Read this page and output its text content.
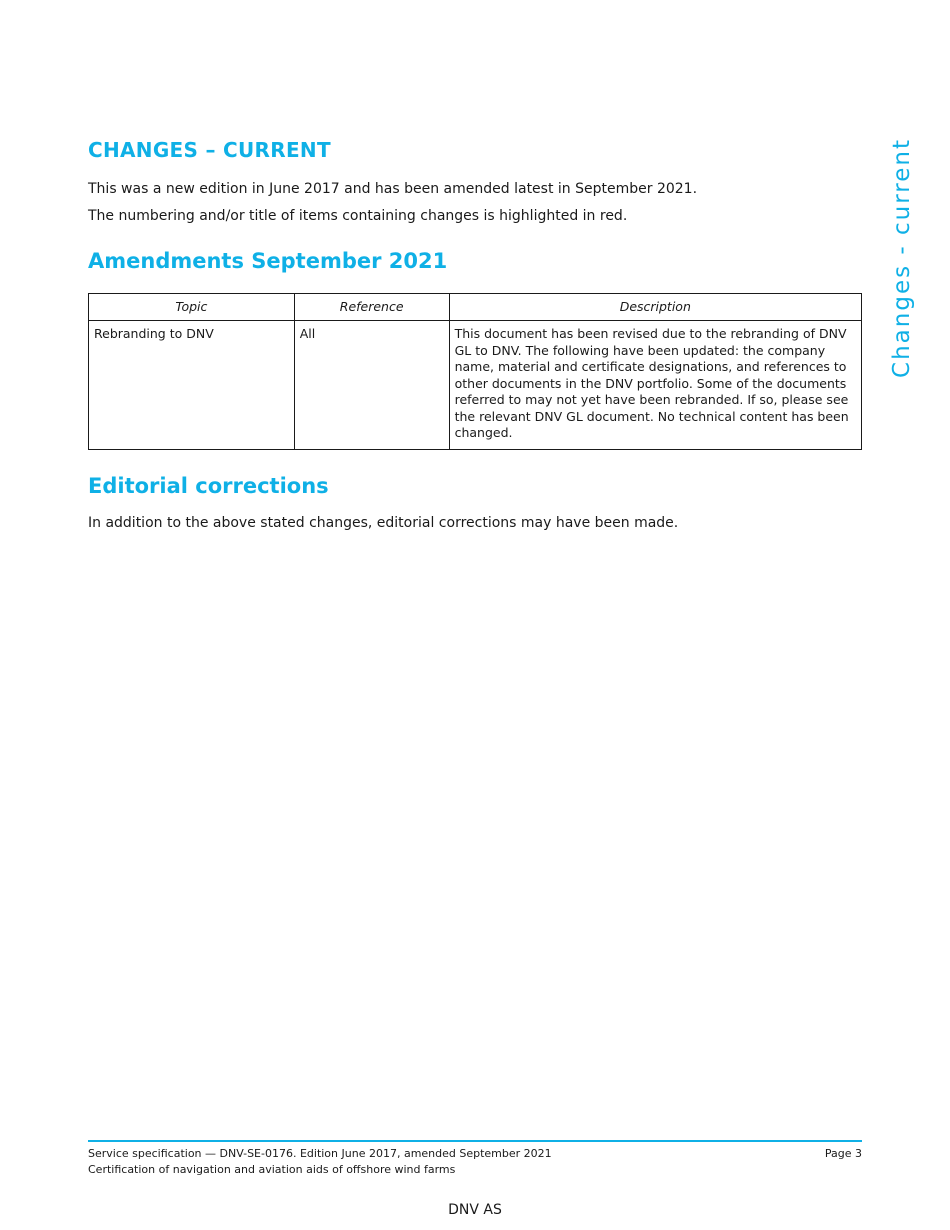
CHANGES – CURRENT

This was a new edition in June 2017 and has been amended latest in September 2021.

The numbering and/or title of items containing changes is highlighted in red.

Amendments September 2021
Topic	Reference	Description
Rebranding to DNV	All	This document has been revised due to the rebranding of DNV GL to DNV. The following have been updated: the company name, material and certificate designations, and references to other documents in the DNV portfolio. Some of the documents referred to may not yet have been rebranded. If so, please see the relevant DNV GL document. No technical content has been changed.
Editorial corrections

In addition to the above stated changes, editorial corrections may have been made.

Changes - current

Service specification — DNV-SE-0176. Edition June 2017, amended September 2021

Certification of navigation and aviation aids of offshore wind farms

Page 3

DNV AS
